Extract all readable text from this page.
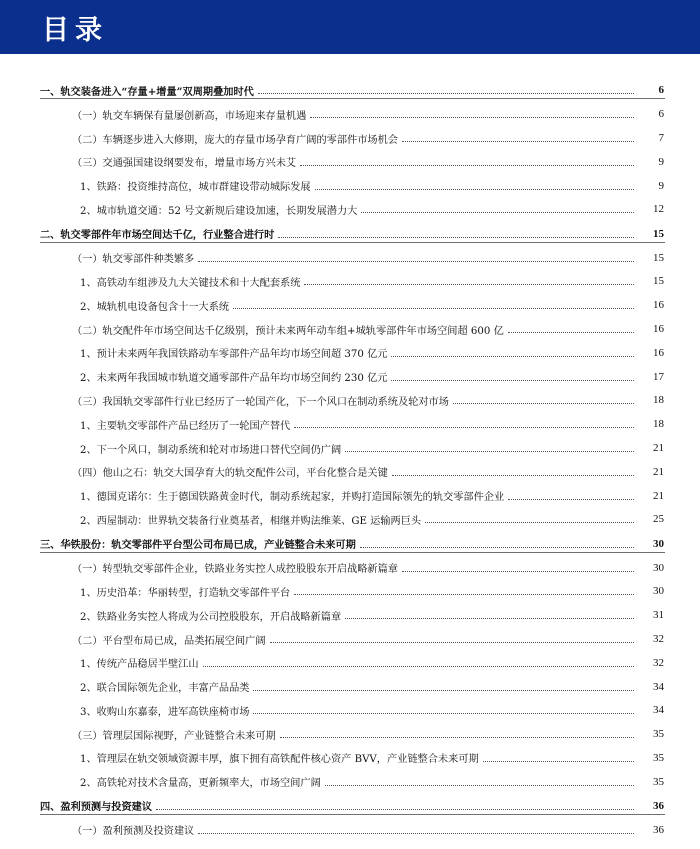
目录
一、轨交装备进入“存量+增量”双周期叠加时代	6
（一）轨交车辆保有量屡创新高，市场迎来存量机遇	6
（二）车辆逐步进入大修期，庞大的存量市场孕育广阔的零部件市场机会	7
（三）交通强国建设纲要发布，增量市场方兴未艾	9
1、铁路：投资维持高位，城市群建设带动城际发展	9
2、城市轨道交通：52 号文新规后建设加速，长期发展潜力大	12
二、轨交零部件年市场空间达千亿，行业整合进行时	15
（一）轨交零部件种类繁多	15
1、高铁动车组涉及九大关键技术和十大配套系统	15
2、城轨机电设备包含十一大系统	16
（二）轨交配件年市场空间达千亿级别，预计未来两年动车组+城轨零部件年市场空间超 600 亿	16
1、预计未来两年我国铁路动车零部件产品年均市场空间超 370 亿元	16
2、未来两年我国城市轨道交通零部件产品年均市场空间约 230 亿元	17
（三）我国轨交零部件行业已经历了一轮国产化，下一个风口在制动系统及轮对市场	18
1、主要轨交零部件产品已经历了一轮国产替代	18
2、下一个风口，制动系统和轮对市场进口替代空间仍广阔	21
（四）他山之石：轨交大国孕育大的轨交配件公司，平台化整合是关键	21
1、德国克诺尔：生于德国铁路黄金时代，制动系统起家，并购打造国际领先的轨交零部件企业	21
2、西屋制动：世界轨交装备行业奠基者，相继并购法维莱、GE 运输两巨头	25
三、华铁股份：轨交零部件平台型公司布局已成，产业链整合未来可期	30
（一）转型轨交零部件企业，铁路业务实控人成控股股东开启战略新篇章	30
1、历史沿革：华丽转型，打造轨交零部件平台	30
2、铁路业务实控人将成为公司控股股东，开启战略新篇章	31
（二）平台型布局已成，品类拓展空间广阔	32
1、传统产品稳居半壁江山	32
2、联合国际领先企业，丰富产品品类	34
3、收购山东嘉泰，进军高铁座椅市场	34
（三）管理层国际视野，产业链整合未来可期	35
1、管理层在轨交领域资源丰厚，旗下拥有高铁配件核心资产 BVV，产业链整合未来可期	35
2、高铁轮对技术含量高，更新频率大，市场空间广阔	35
四、盈利预测与投资建议	36
（一）盈利预测及投资建议	36
